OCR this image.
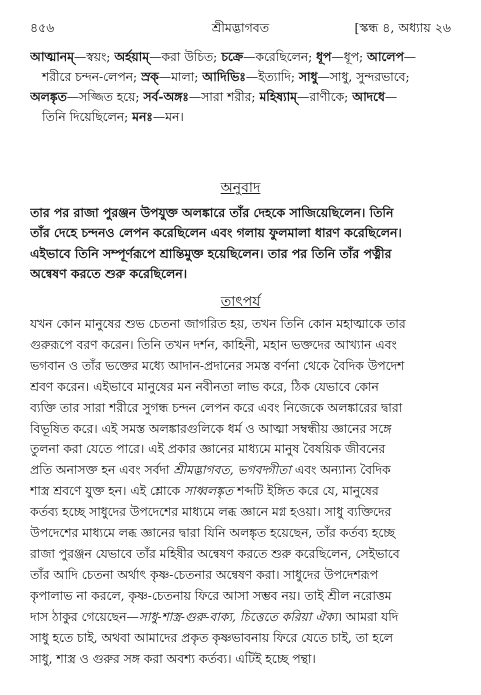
৪৫৬	শ্রীমদ্ভাগবত	[স্কন্ধ ৪, অধ্যায় ২৬

আত্মানম্—স্বয়ং; অর্হয়াম্—করা উচিত; চক্রে—করেছিলেন; ধূপ—ধূপ; আলেপ—

শরীরে চন্দন-লেপন; স্রক্—মালা; আদিভিঃ—ইত্যাদি; সাধু—সাধু, সুন্দরভাবে;

অলঙ্কৃত—সজ্জিত হয়ে; সর্ব-অঙ্গঃ—সারা শরীর; মহিষ্যাম্—রাণীকে; আদধে—

তিনি দিয়েছিলেন; মনঃ—মন।

অনুবাদ

তার পর রাজা পুরঞ্জন উপযুক্ত অলঙ্কারে তাঁর দেহকে সাজিয়েছিলেন। তিনি

তাঁর দেহে চন্দনও লেপন করেছিলেন এবং গলায় ফুলমালা ধারণ করেছিলেন।

এইভাবে তিনি সম্পূর্ণরূপে শ্রান্তিমুক্ত হয়েছিলেন। তার পর তিনি তাঁর পত্নীর

অন্বেষণ করতে শুরু করেছিলেন।

তাৎপর্য

যখন কোন মানুষের শুভ চেতনা জাগরিত হয়, তখন তিনি কোন মহাত্মাকে তার

গুরুরূপে বরণ করেন। তিনি তখন দর্শন, কাহিনী, মহান ভক্তদের আখ্যান এবং

ভগবান ও তাঁর ভক্তের মধ্যে আদান-প্রদানের সমস্ত বর্ণনা থেকে বৈদিক উপদেশ

শ্রবণ করেন। এইভাবে মানুষের মন নবীনতা লাভ করে, ঠিক যেভাবে কোন

ব্যক্তি তার সারা শরীরে সুগন্ধ চন্দন লেপন করে এবং নিজেকে অলঙ্কারের দ্বারা

বিভূষিত করে। এই সমস্ত অলঙ্কারগুলিকে ধর্ম ও আত্মা সম্বন্ধীয় জ্ঞানের সঙ্গে

তুলনা করা যেতে পারে। এই প্রকার জ্ঞানের মাধ্যমে মানুষ বৈষয়িক জীবনের

প্রতি অনাসক্ত হন এবং সর্বদা শ্রীমদ্ভাগবত, ভগবদ্গীতা এবং অন্যান্য বৈদিক

শাস্ত্র শ্রবণে যুক্ত হন। এই শ্লোকে সাধ্বলঙ্কৃত শব্দটি ইঙ্গিত করে যে, মানুষের

কর্তব্য হচ্ছে সাধুদের উপদেশের মাধ্যমে লব্ধ জ্ঞানে মগ্ন হওয়া। সাধু ব্যক্তিদের

উপদেশের মাধ্যমে লব্ধ জ্ঞানের দ্বারা যিনি অলঙ্কৃত হয়েছেন, তাঁর কর্তব্য হচ্ছে

রাজা পুরঞ্জন যেভাবে তাঁর মহিষীর অন্বেষণ করতে শুরু করেছিলেন, সেইভাবে

তাঁর আদি চেতনা অর্থাৎ কৃষ্ণ-চেতনার অন্বেষণ করা। সাধুদের উপদেশরূপ

কৃপালাভ না করলে, কৃষ্ণ-চেতনায় ফিরে আসা সম্ভব নয়। তাই শ্রীল নরোত্তম

দাস ঠাকুর গেয়েছেন—সাধু-শাস্ত্র-গুরু-বাক্য, চিত্তেতে করিয়া ঐক্য। আমরা যদি

সাধু হতে চাই, অথবা আমাদের প্রকৃত কৃষ্ণভাবনায় ফিরে যেতে চাই, তা হলে

সাধু, শাস্ত্র ও গুরুর সঙ্গ করা অবশ্য কর্তব্য। এটিই হচ্ছে পন্থা।
